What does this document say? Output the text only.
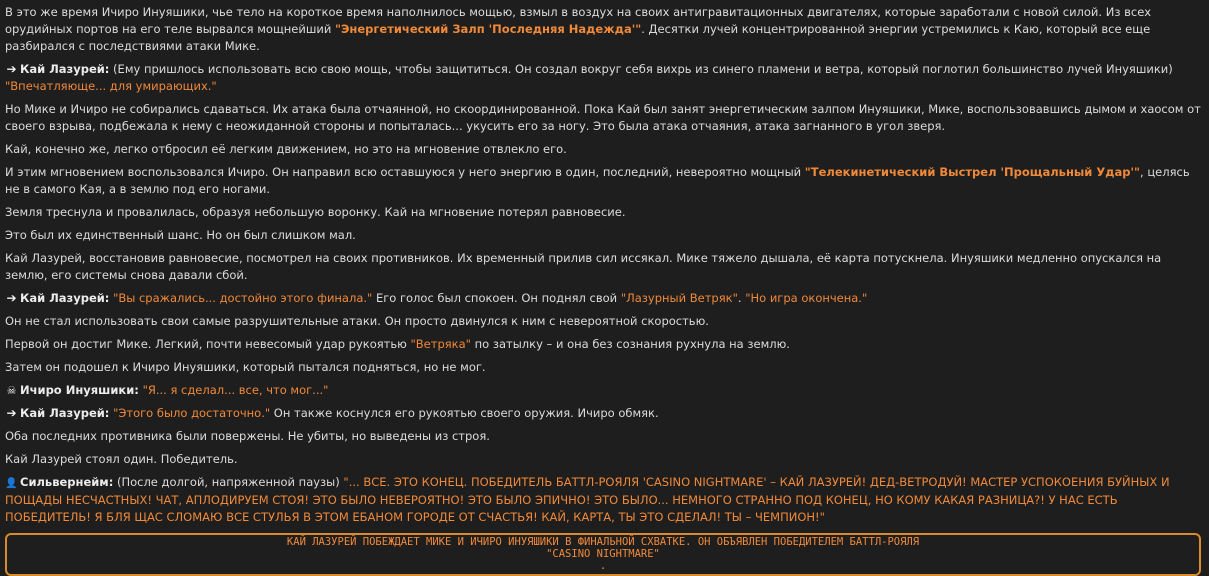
В это же время Ичиро Инуяшики, чье тело на короткое время наполнилось мощью, взмыл в воздух на своих антигравитационных двигателях, которые заработали с новой силой. Из всех орудийных портов на его теле вырвался мощнейший "Энергетический Залп 'Последняя Надежда'". Десятки лучей концентрированной энергии устремились к Каю, который все еще разбирался с последствиями атаки Мике.

➔ Кай Лазурей: (Ему пришлось использовать всю свою мощь, чтобы защититься. Он создал вокруг себя вихрь из синего пламени и ветра, который поглотил большинство лучей Инуяшики) "Впечатляюще... для умирающих."

Но Мике и Ичиро не собирались сдаваться. Их атака была отчаянной, но скоординированной. Пока Кай был занят энергетическим залпом Инуяшики, Мике, воспользовавшись дымом и хаосом от своего взрыва, подбежала к нему с неожиданной стороны и попыталась... укусить его за ногу. Это была атака отчаяния, атака загнанного в угол зверя.

Кай, конечно же, легко отбросил её легким движением, но это на мгновение отвлекло его.

И этим мгновением воспользовался Ичиро. Он направил всю оставшуюся у него энергию в один, последний, невероятно мощный "Телекинетический Выстрел 'Прощальный Удар'", целясь не в самого Кая, а в землю под его ногами.

Земля треснула и провалилась, образуя небольшую воронку. Кай на мгновение потерял равновесие.

Это был их единственный шанс. Но он был слишком мал.

Кай Лазурей, восстановив равновесие, посмотрел на своих противников. Их временный прилив сил иссякал. Мике тяжело дышала, её карта потускнела. Инуяшики медленно опускался на землю, его системы снова давали сбой.

➔ Кай Лазурей: "Вы сражались... достойно этого финала." Его голос был спокоен. Он поднял свой "Лазурный Ветряк". "Но игра окончена."

Он не стал использовать свои самые разрушительные атаки. Он просто двинулся к ним с невероятной скоростью.

Первой он достиг Мике. Легкий, почти невесомый удар рукоятью "Ветряка" по затылку – и она без сознания рухнула на землю.

Затем он подошел к Ичиро Инуяшики, который пытался подняться, но не мог.

☠ Ичиро Инуяшики: "Я... я сделал... все, что мог..."

➔ Кай Лазурей: "Этого было достаточно." Он также коснулся его рукоятью своего оружия. Ичиро обмяк.

Оба последних противника были повержены. Не убиты, но выведены из строя.

Кай Лазурей стоял один. Победитель.

👤 Сильвернейм: (После долгой, напряженной паузы) "... ВСЕ. ЭТО КОНЕЦ. ПОБЕДИТЕЛЬ БАТТЛ-РОЯЛЯ 'CASINO NIGHTMARE' – КАЙ ЛАЗУРЕЙ! ДЕД-ВЕТРОДУЙ! МАСТЕР УСПОКОЕНИЯ БУЙНЫХ И ПОЩАДЫ НЕСЧАСТНЫХ! ЧАТ, АПЛОДИРУЕМ СТОЯ! ЭТО БЫЛО НЕВЕРОЯТНО! ЭТО БЫЛО ЭПИЧНО! ЭТО БЫЛО... НЕМНОГО СТРАННО ПОД КОНЕЦ, НО КОМУ КАКАЯ РАЗНИЦА?! У НАС ЕСТЬ ПОБЕДИТЕЛЬ! Я БЛЯ ЩАС СЛОМАЮ ВСЕ СТУЛЬЯ В ЭТОМ ЕБАНОМ ГОРОДЕ ОТ СЧАСТЬЯ! КАЙ, КАРТА, ТЫ ЭТО СДЕЛАЛ! ТЫ – ЧЕМПИОН!"

КАЙ ЛАЗУРЕЙ ПОБЕЖДАЕТ МИКЕ И ИЧИРО ИНУЯШИКИ В ФИНАЛЬНОЙ СХВАТКЕ. ОН ОБЪЯВЛЕН ПОБЕДИТЕЛЕМ БАТТЛ-РОЯЛЯ
"CASINO NIGHTMARE"
.
